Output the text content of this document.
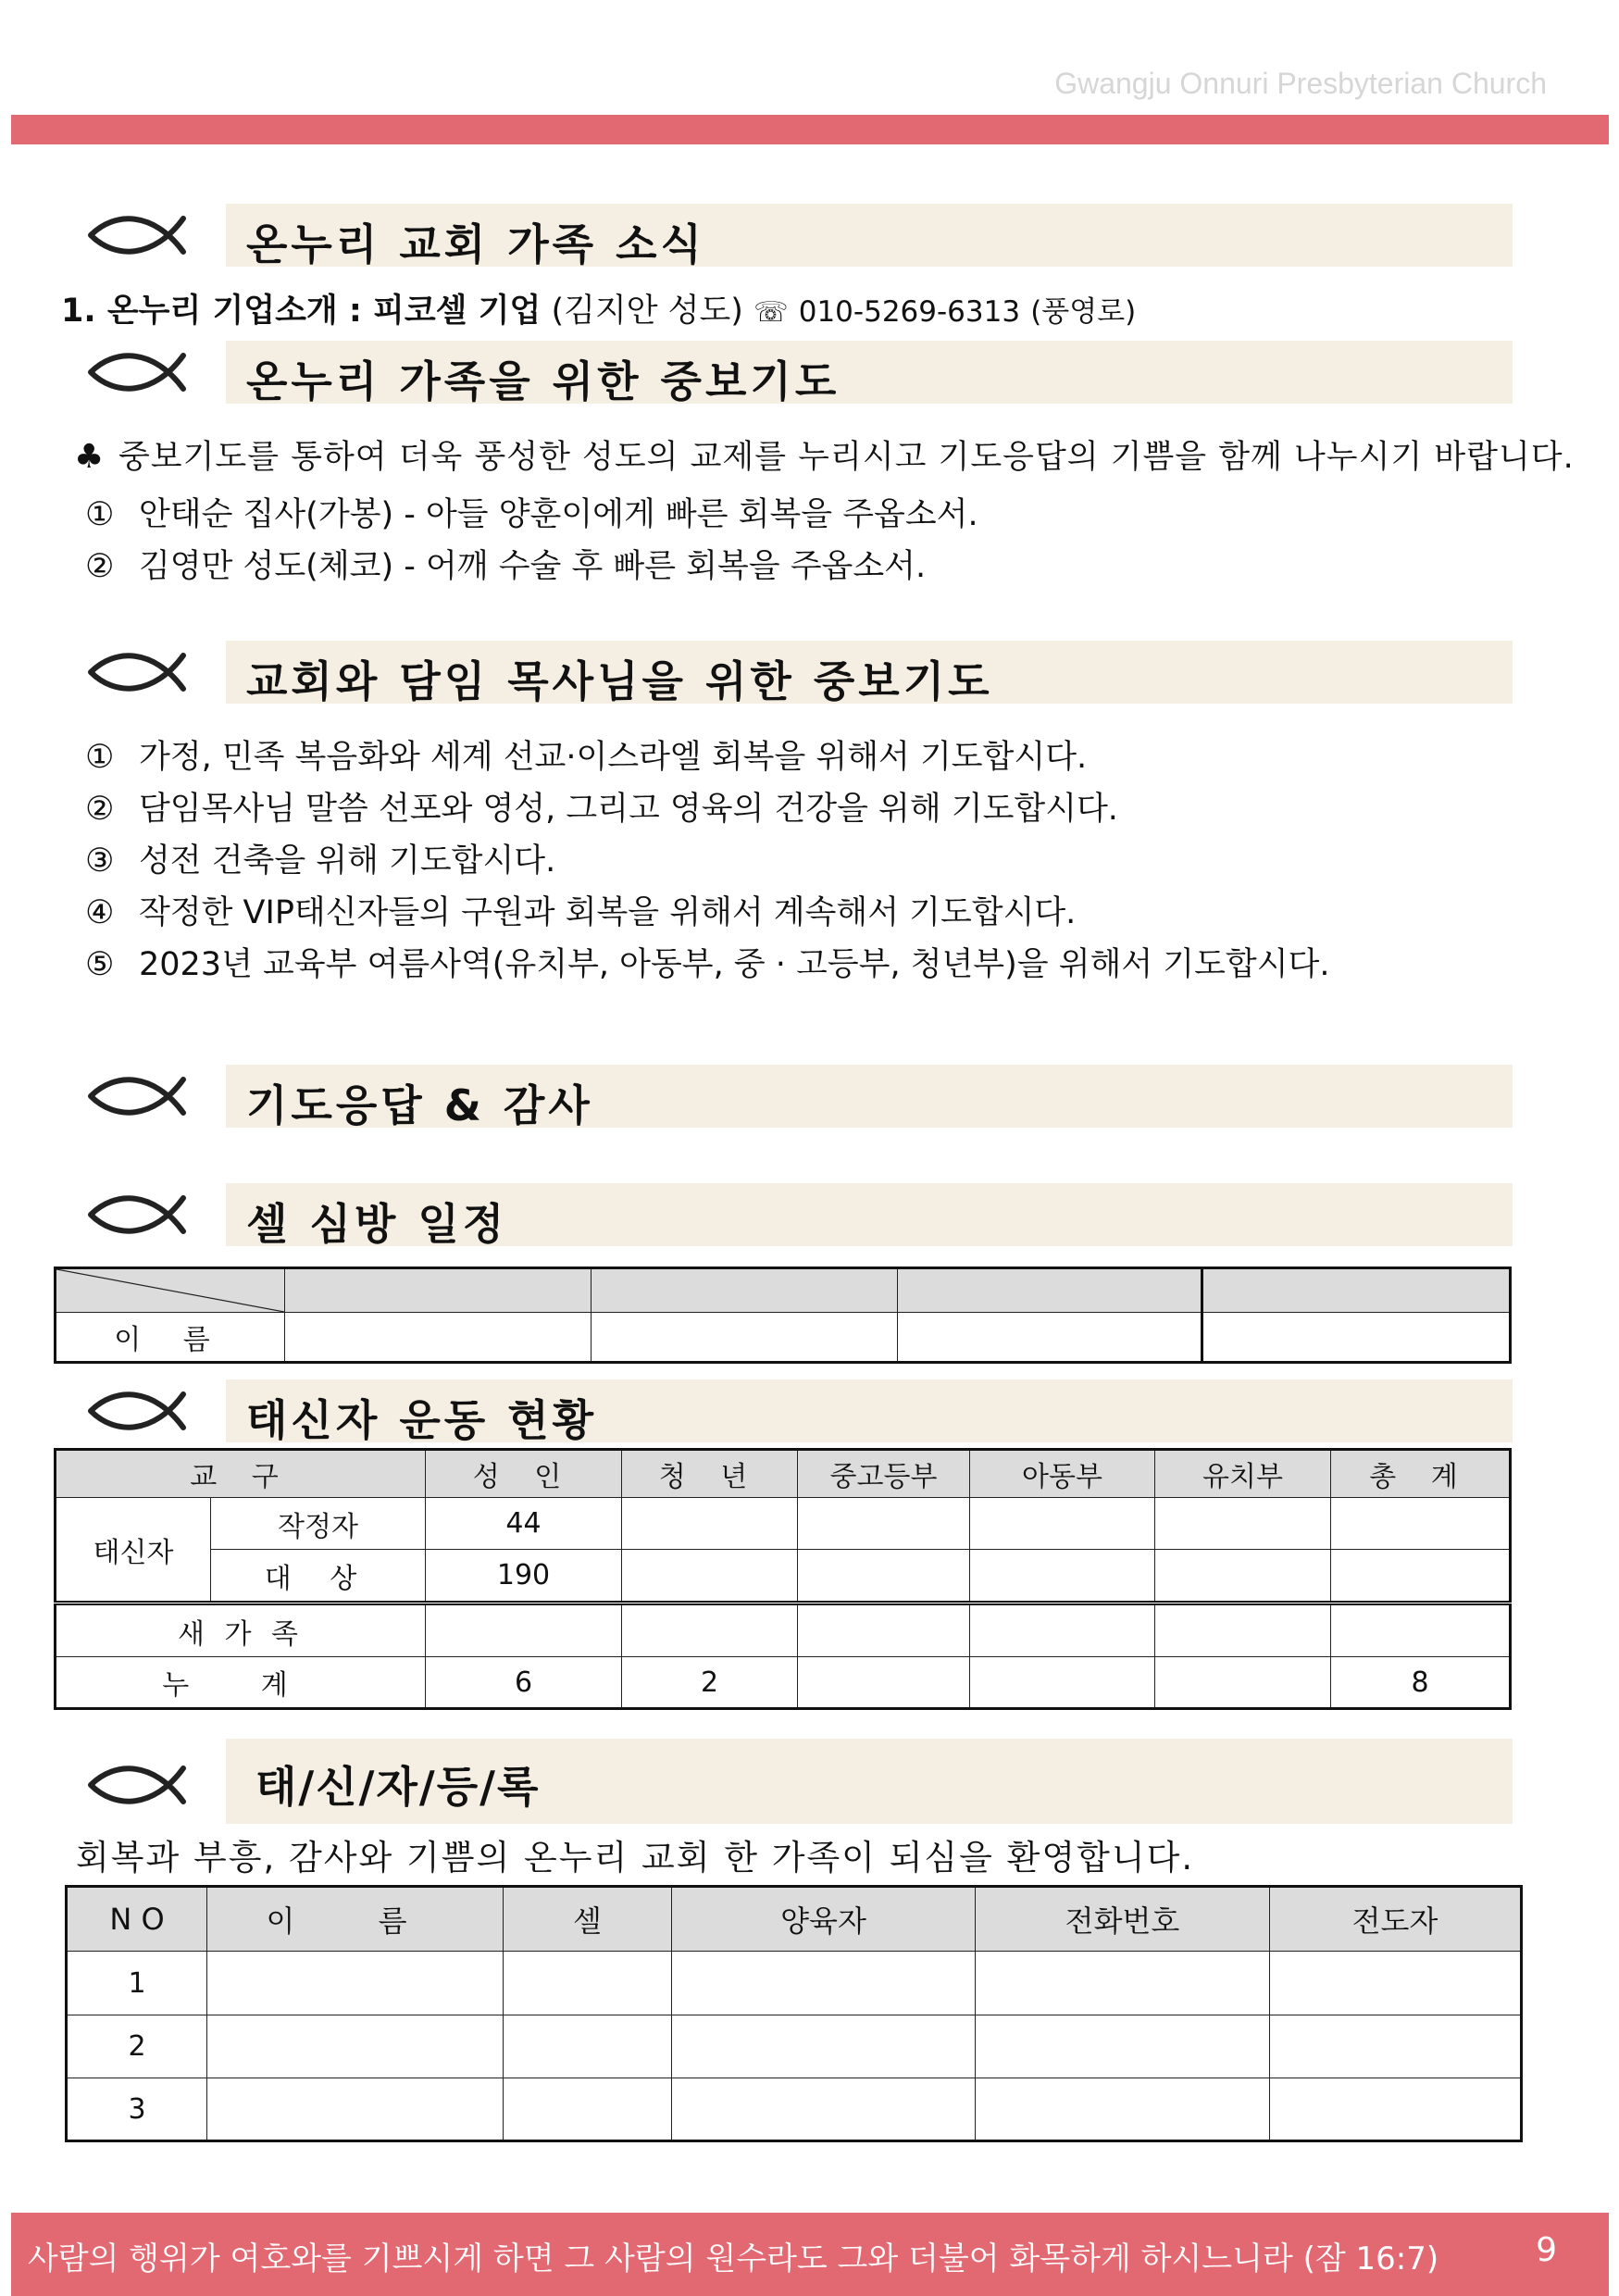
Gwangju Onnuri Presbyterian Church
온누리 교회 가족 소식
1. 온누리 기업소개 : 피코셀 기업 (김지안 성도) ☏ 010-5269-6313 (풍영로)
온누리 가족을 위한 중보기도
♣ 중보기도를 통하여 더욱 풍성한 성도의 교제를 누리시고 기도응답의 기쁨을 함께 나누시기 바랍니다.
① 안태순 집사(가봉) - 아들 양훈이에게 빠른 회복을 주옵소서.
② 김영만 성도(체코) - 어깨 수술 후 빠른 회복을 주옵소서.
교회와 담임 목사님을 위한 중보기도
① 가정, 민족 복음화와 세계 선교·이스라엘 회복을 위해서 기도합시다.
② 담임목사님 말씀 선포와 영성, 그리고 영육의 건강을 위해 기도합시다.
③ 성전 건축을 위해 기도합시다.
④ 작정한 VIP태신자들의 구원과 회복을 위해서 계속해서 기도합시다.
⑤ 2023년 교육부 여름사역(유치부, 아동부, 중 · 고등부, 청년부)을 위해서 기도합시다.
기도응답 & 감사
셀 심방 일정

이 름				
태신자 운동 현황
교 구		성 인	청 년	중고등부	아동부	유치부	총 계
태신자	작정자	44					
	대 상	190					
새 가 족							
누 계		6	2				8
태/신/자/등/록
회복과 부흥, 감사와 기쁨의 온누리 교회 한 가족이 되심을 환영합니다.
N O	이 름	셀	양육자	전화번호	전도자
1					
2					
3					
사람의 행위가 여호와를 기쁘시게 하면 그 사람의 원수라도 그와 더불어 화목하게 하시느니라 (잠 16:7)	9
